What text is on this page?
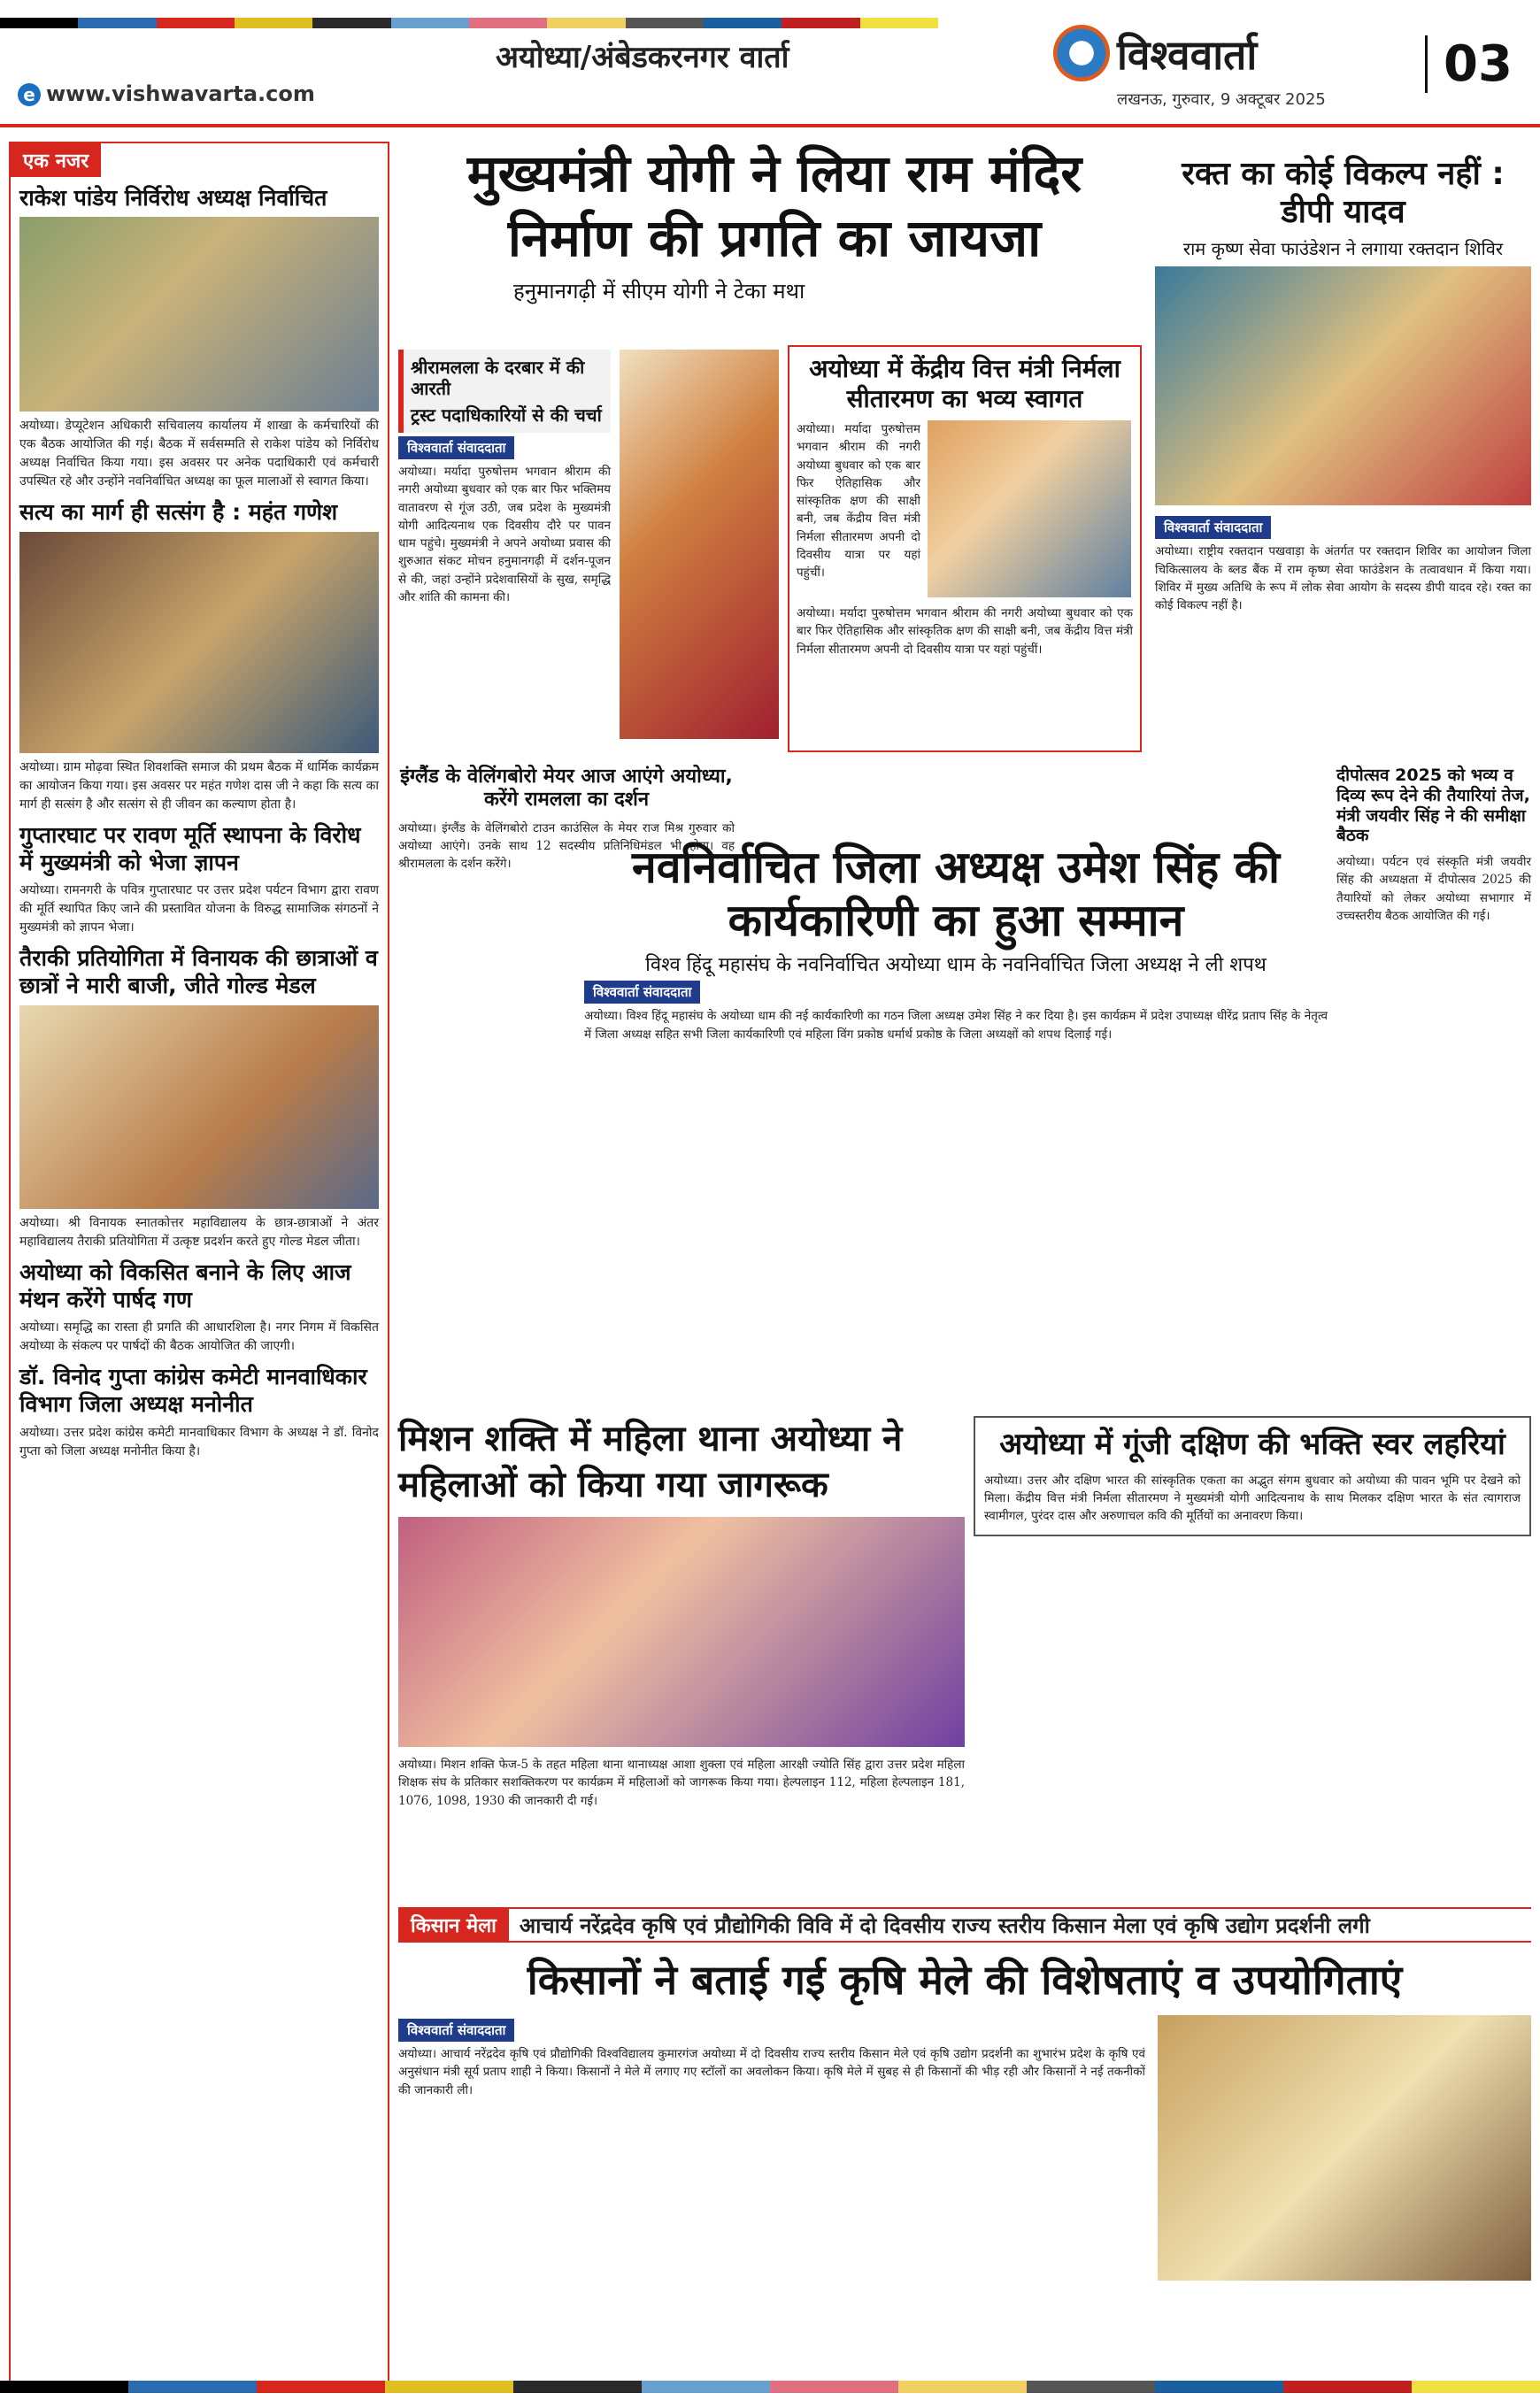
अयोध्या/अंबेडकरनगर वार्ता
e www.vishwavarta.com
विश्ववार्ता
लखनऊ, गुरुवार, 9 अक्टूबर 2025
03
एक नजर
राकेश पांडेय निर्विरोध अध्यक्ष निर्वाचित
अयोध्या। डेप्यूटेशन अधिकारी सचिवालय कार्यालय में शाखा के कर्मचारियों की एक बैठक आयोजित की गई। बैठक में सर्वसम्मति से राकेश पांडेय को निर्विरोध अध्यक्ष निर्वाचित किया गया। इस अवसर पर अनेक पदाधिकारी एवं कर्मचारी उपस्थित रहे और उन्होंने नवनिर्वाचित अध्यक्ष का फूल मालाओं से स्वागत किया।
सत्य का मार्ग ही सत्संग है : महंत गणेश
अयोध्या। ग्राम मोढ़वा स्थित शिवशक्ति समाज की प्रथम बैठक में धार्मिक कार्यक्रम का आयोजन किया गया। इस अवसर पर महंत गणेश दास जी ने कहा कि सत्य का मार्ग ही सत्संग है और सत्संग से ही जीवन का कल्याण होता है।
गुप्तारघाट पर रावण मूर्ति स्थापना के विरोध में मुख्यमंत्री को भेजा ज्ञापन
अयोध्या। रामनगरी के पवित्र गुप्तारघाट पर उत्तर प्रदेश पर्यटन विभाग द्वारा रावण की मूर्ति स्थापित किए जाने की प्रस्तावित योजना के विरुद्ध सामाजिक संगठनों ने मुख्यमंत्री को ज्ञापन भेजा।
तैराकी प्रतियोगिता में विनायक की छात्राओं व छात्रों ने मारी बाजी, जीते गोल्ड मेडल
अयोध्या। श्री विनायक स्नातकोत्तर महाविद्यालय के छात्र-छात्राओं ने अंतर महाविद्यालय तैराकी प्रतियोगिता में उत्कृष्ट प्रदर्शन करते हुए गोल्ड मेडल जीता।
अयोध्या को विकसित बनाने के लिए आज मंथन करेंगे पार्षद गण
अयोध्या। समृद्धि का रास्ता ही प्रगति की आधारशिला है। नगर निगम में विकसित अयोध्या के संकल्प पर पार्षदों की बैठक आयोजित की जाएगी।
डॉ. विनोद गुप्ता कांग्रेस कमेटी मानवाधिकार विभाग जिला अध्यक्ष मनोनीत
अयोध्या। उत्तर प्रदेश कांग्रेस कमेटी मानवाधिकार विभाग के अध्यक्ष ने डॉ. विनोद गुप्ता को जिला अध्यक्ष मनोनीत किया है।
मुख्यमंत्री योगी ने लिया राम मंदिर निर्माण की प्रगति का जायजा
हनुमानगढ़ी में सीएम योगी ने टेका मथा
श्रीरामलला के दरबार में की आरती
ट्रस्ट पदाधिकारियों से की चर्चा
विश्ववार्ता संवाददाता
अयोध्या। मर्यादा पुरुषोत्तम भगवान श्रीराम की नगरी अयोध्या बुधवार को एक बार फिर भक्तिमय वातावरण से गूंज उठी, जब प्रदेश के मुख्यमंत्री योगी आदित्यनाथ एक दिवसीय दौरे पर पावन धाम पहुंचे। मुख्यमंत्री ने अपने अयोध्या प्रवास की शुरुआत संकट मोचन हनुमानगढ़ी में दर्शन-पूजन से की, जहां उन्होंने प्रदेशवासियों के सुख, समृद्धि और शांति की कामना की।
अयोध्या में केंद्रीय वित्त मंत्री निर्मला सीतारमण का भव्य स्वागत
अयोध्या। मर्यादा पुरुषोत्तम भगवान श्रीराम की नगरी अयोध्या बुधवार को एक बार फिर ऐतिहासिक और सांस्कृतिक क्षण की साक्षी बनी, जब केंद्रीय वित्त मंत्री निर्मला सीतारमण अपनी दो दिवसीय यात्रा पर यहां पहुंचीं।
अयोध्या। मर्यादा पुरुषोत्तम भगवान श्रीराम की नगरी अयोध्या बुधवार को एक बार फिर ऐतिहासिक और सांस्कृतिक क्षण की साक्षी बनी, जब केंद्रीय वित्त मंत्री निर्मला सीतारमण अपनी दो दिवसीय यात्रा पर यहां पहुंचीं।
रक्त का कोई विकल्प नहीं : डीपी यादव
राम कृष्ण सेवा फाउंडेशन ने लगाया रक्तदान शिविर
विश्ववार्ता संवाददाता
अयोध्या। राष्ट्रीय रक्तदान पखवाड़ा के अंतर्गत पर रक्तदान शिविर का आयोजन जिला चिकित्सालय के ब्लड बैंक में राम कृष्ण सेवा फाउंडेशन के तत्वावधान में किया गया। शिविर में मुख्य अतिथि के रूप में लोक सेवा आयोग के सदस्य डीपी यादव रहे। रक्त का कोई विकल्प नहीं है।
इंग्लैंड के वेलिंगबोरो मेयर आज आएंगे अयोध्या, करेंगे रामलला का दर्शन
अयोध्या। इंग्लैंड के वेलिंगबोरो टाउन काउंसिल के मेयर राज मिश्र गुरुवार को अयोध्या आएंगे। उनके साथ 12 सदस्यीय प्रतिनिधिमंडल भी होगा। वह श्रीरामलला के दर्शन करेंगे।	नवनिर्वाचित जिला अध्यक्ष उमेश सिंह की कार्यकारिणी का हुआ सम्मान
विश्व हिंदू महासंघ के नवनिर्वाचित अयोध्या धाम के नवनिर्वाचित जिला अध्यक्ष ने ली शपथ
विश्ववार्ता संवाददाता
अयोध्या। विश्व हिंदू महासंघ के अयोध्या धाम की नई कार्यकारिणी का गठन जिला अध्यक्ष उमेश सिंह ने कर दिया है। इस कार्यक्रम में प्रदेश उपाध्यक्ष धीरेंद्र प्रताप सिंह के नेतृत्व में जिला अध्यक्ष सहित सभी जिला कार्यकारिणी एवं महिला विंग प्रकोष्ठ धर्मार्थ प्रकोष्ठ के जिला अध्यक्षों को शपथ दिलाई गई।
दीपोत्सव 2025 को भव्य व दिव्य रूप देने की तैयारियां तेज, मंत्री जयवीर सिंह ने की समीक्षा बैठक
अयोध्या। पर्यटन एवं संस्कृति मंत्री जयवीर सिंह की अध्यक्षता में दीपोत्सव 2025 की तैयारियों को लेकर अयोध्या सभागार में उच्चस्तरीय बैठक आयोजित की गई।
मिशन शक्ति में महिला थाना अयोध्या ने महिलाओं को किया गया जागरूक
अयोध्या। मिशन शक्ति फेज-5 के तहत महिला थाना थानाध्यक्ष आशा शुक्ला एवं महिला आरक्षी ज्योति सिंह द्वारा उत्तर प्रदेश महिला शिक्षक संघ के प्रतिकार सशक्तिकरण पर कार्यक्रम में महिलाओं को जागरूक किया गया। हेल्पलाइन 112, महिला हेल्पलाइन 181, 1076, 1098, 1930 की जानकारी दी गई।
अयोध्या में गूंजी दक्षिण की भक्ति स्वर लहरियां
अयोध्या। उत्तर और दक्षिण भारत की सांस्कृतिक एकता का अद्भुत संगम बुधवार को अयोध्या की पावन भूमि पर देखने को मिला। केंद्रीय वित्त मंत्री निर्मला सीतारमण ने मुख्यमंत्री योगी आदित्यनाथ के साथ मिलकर दक्षिण भारत के संत त्यागराज स्वामीगल, पुरंदर दास और अरुणाचल कवि की मूर्तियों का अनावरण किया।
किसान मेला	आचार्य नरेंद्रदेव कृषि एवं प्रौद्योगिकी विवि में दो दिवसीय राज्य स्तरीय किसान मेला एवं कृषि उद्योग प्रदर्शनी लगी
किसानों ने बताई गई कृषि मेले की विशेषताएं व उपयोगिताएं
विश्ववार्ता संवाददाता
अयोध्या। आचार्य नरेंद्रदेव कृषि एवं प्रौद्योगिकी विश्वविद्यालय कुमारगंज अयोध्या में दो दिवसीय राज्य स्तरीय किसान मेले एवं कृषि उद्योग प्रदर्शनी का शुभारंभ प्रदेश के कृषि एवं अनुसंधान मंत्री सूर्य प्रताप शाही ने किया। किसानों ने मेले में लगाए गए स्टॉलों का अवलोकन किया। कृषि मेले में सुबह से ही किसानों की भीड़ रही और किसानों ने नई तकनीकों की जानकारी ली।
